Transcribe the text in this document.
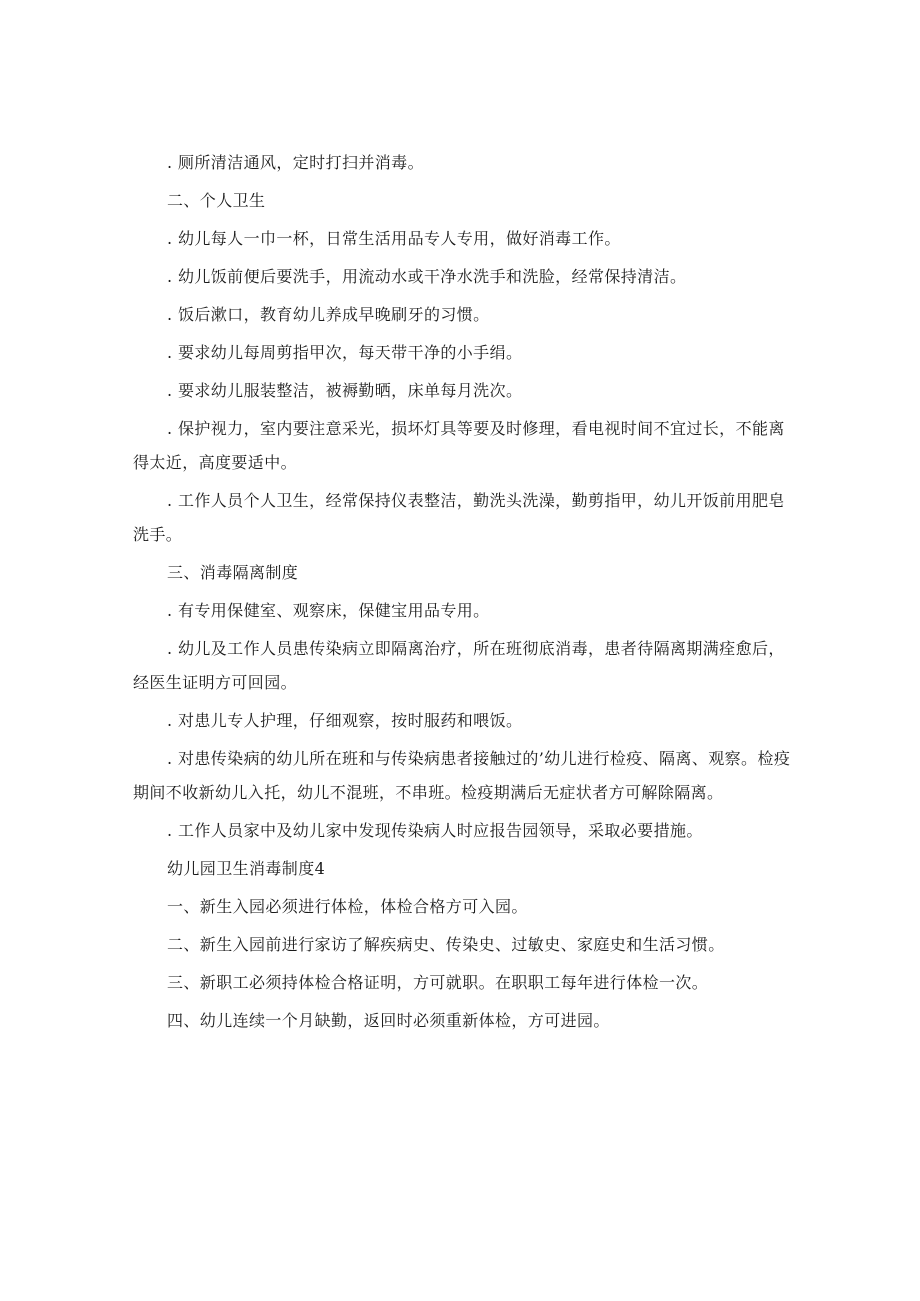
. 厕所清洁通风，定时打扫并消毒。

二、个人卫生

. 幼儿每人一巾一杯，日常生活用品专人专用，做好消毒工作。

. 幼儿饭前便后要洗手，用流动水或干净水洗手和洗脸，经常保持清洁。

. 饭后漱口，教育幼儿养成早晚刷牙的习惯。

. 要求幼儿每周剪指甲次，每天带干净的小手绢。

. 要求幼儿服装整洁，被褥勤晒，床单每月洗次。

. 保护视力，室内要注意采光，损坏灯具等要及时修理，看电视时间不宜过长，不能离得太近，高度要适中。

. 工作人员个人卫生，经常保持仪表整洁，勤洗头洗澡，勤剪指甲，幼儿开饭前用肥皂洗手。

三、消毒隔离制度

. 有专用保健室、观察床，保健宝用品专用。

. 幼儿及工作人员患传染病立即隔离治疗，所在班彻底消毒，患者待隔离期满痊愈后，经医生证明方可回园。

. 对患儿专人护理，仔细观察，按时服药和喂饭。

. 对患传染病的幼儿所在班和与传染病患者接触过的’幼儿进行检疫、隔离、观察。检疫期间不收新幼儿入托，幼儿不混班，不串班。检疫期满后无症状者方可解除隔离。

. 工作人员家中及幼儿家中发现传染病人时应报告园领导，采取必要措施。

幼儿园卫生消毒制度4

一、新生入园必须进行体检，体检合格方可入园。

二、新生入园前进行家访了解疾病史、传染史、过敏史、家庭史和生活习惯。

三、新职工必须持体检合格证明，方可就职。在职职工每年进行体检一次。

四、幼儿连续一个月缺勤，返回时必须重新体检，方可进园。
